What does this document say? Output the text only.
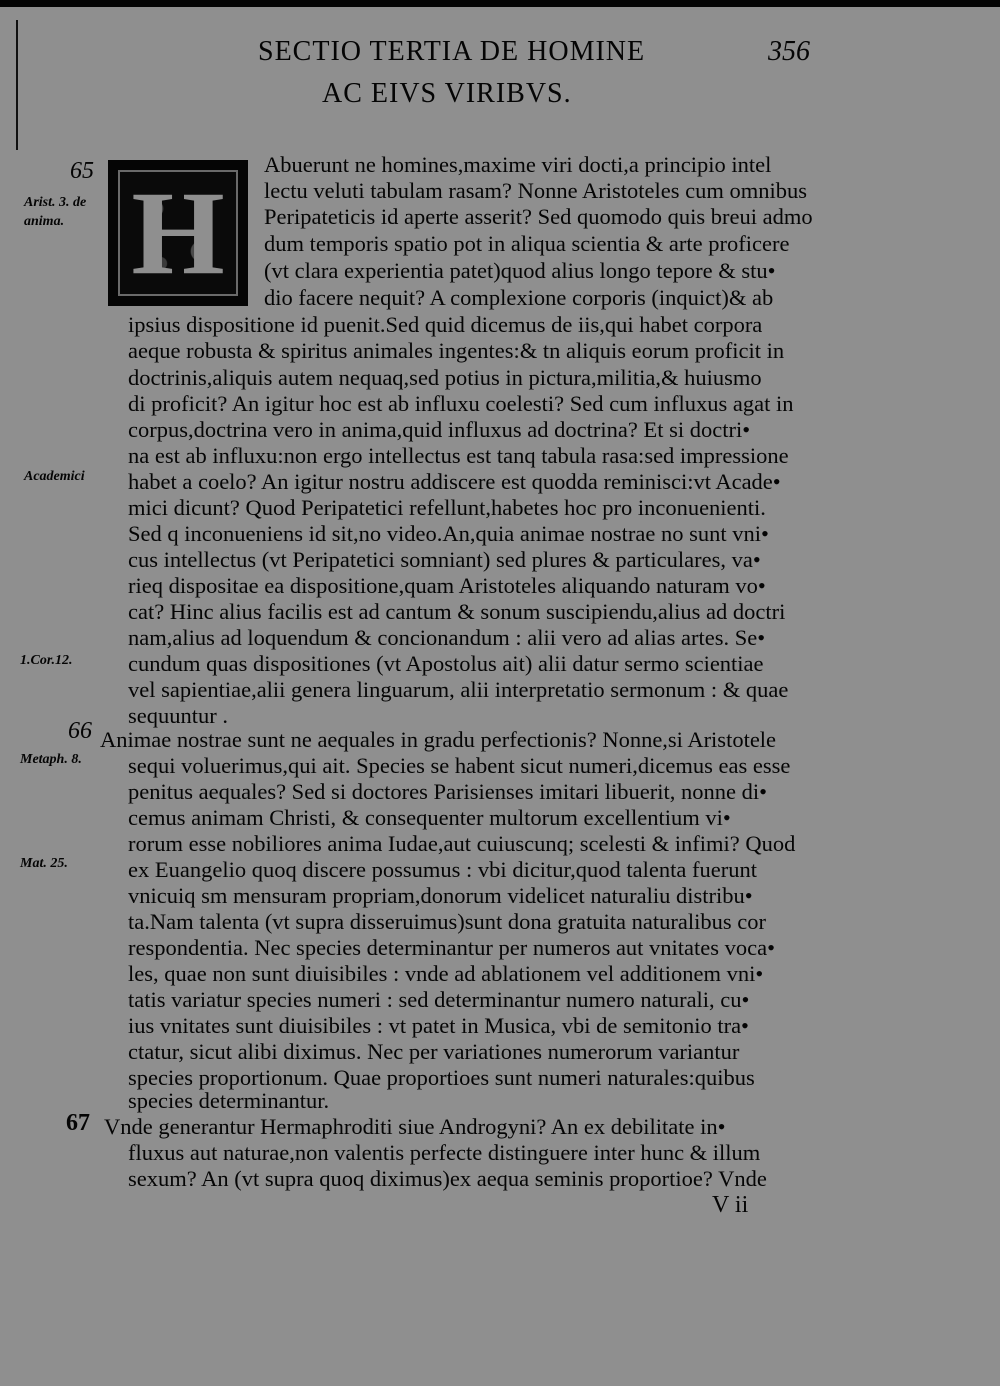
SECTIO TERTIA DE HOMINE	356
AC EIVS VIRIBVS.
H
65
66
67
Arist. 3. de
anima.
Academici
1.Cor.12.
Metaph. 8.
Mat. 25.
Abuerunt ne homines,maxime viri docti,a principio intel
lectu veluti tabulam rasam? Nonne Aristoteles cum omnibus
Peripateticis id aperte asserit? Sed quomodo quis breui admo
dum temporis spatio pot in aliqua scientia & arte proficere
(vt clara experientia patet)quod alius longo tepore & stu•
dio facere nequit? A complexione corporis (inquict)& ab
ipsius dispositione id puenit.Sed quid dicemus de iis,qui habet corpora
aeque robusta & spiritus animales ingentes:& tn aliquis eorum proficit in
doctrinis,aliquis autem nequaq,sed potius in pictura,militia,& huiusmo
di proficit? An igitur hoc est ab influxu coelesti? Sed cum influxus agat in
corpus,doctrina vero in anima,quid influxus ad doctrina? Et si doctri•
na est ab influxu:non ergo intellectus est tanq tabula rasa:sed impressione
habet a coelo? An igitur nostru addiscere est quodda reminisci:vt Acade•
mici dicunt? Quod Peripatetici refellunt,habetes hoc pro inconuenienti.
Sed q inconueniens id sit,no video.An,quia animae nostrae no sunt vni•
cus intellectus (vt Peripatetici somniant) sed plures & particulares, va•
rieq dispositae ea dispositione,quam Aristoteles aliquando naturam vo•
cat? Hinc alius facilis est ad cantum & sonum suscipiendu,alius ad doctri
nam,alius ad loquendum & concionandum : alii vero ad alias artes. Se•
cundum quas dispositiones (vt Apostolus ait) alii datur sermo scientiae
vel sapientiae,alii genera linguarum, alii interpretatio sermonum : & quae
sequuntur .
Animae nostrae sunt ne aequales in gradu perfectionis? Nonne,si Aristotele
sequi voluerimus,qui ait. Species se habent sicut numeri,dicemus eas esse
penitus aequales? Sed si doctores Parisienses imitari libuerit, nonne di•
cemus animam Christi, & consequenter multorum excellentium vi•
rorum esse nobiliores anima Iudae,aut cuiuscunq; scelesti & infimi? Quod
ex Euangelio quoq discere possumus : vbi dicitur,quod talenta fuerunt
vnicuiq sm mensuram propriam,donorum videlicet naturaliu distribu•
ta.Nam talenta (vt supra disseruimus)sunt dona gratuita naturalibus cor
respondentia. Nec species determinantur per numeros aut vnitates voca•
les, quae non sunt diuisibiles : vnde ad ablationem vel additionem vni•
tatis variatur species numeri : sed determinantur numero naturali, cu•
ius vnitates sunt diuisibiles : vt patet in Musica, vbi de semitonio tra•
ctatur, sicut alibi diximus. Nec per variationes numerorum variantur
species proportionum. Quae proportioes sunt numeri naturales:quibus
species determinantur.
Vnde generantur Hermaphroditi siue Androgyni? An ex debilitate in•
fluxus aut naturae,non valentis perfecte distinguere inter hunc & illum
sexum? An (vt supra quoq diximus)ex aequa seminis proportioe? Vnde
V ii
